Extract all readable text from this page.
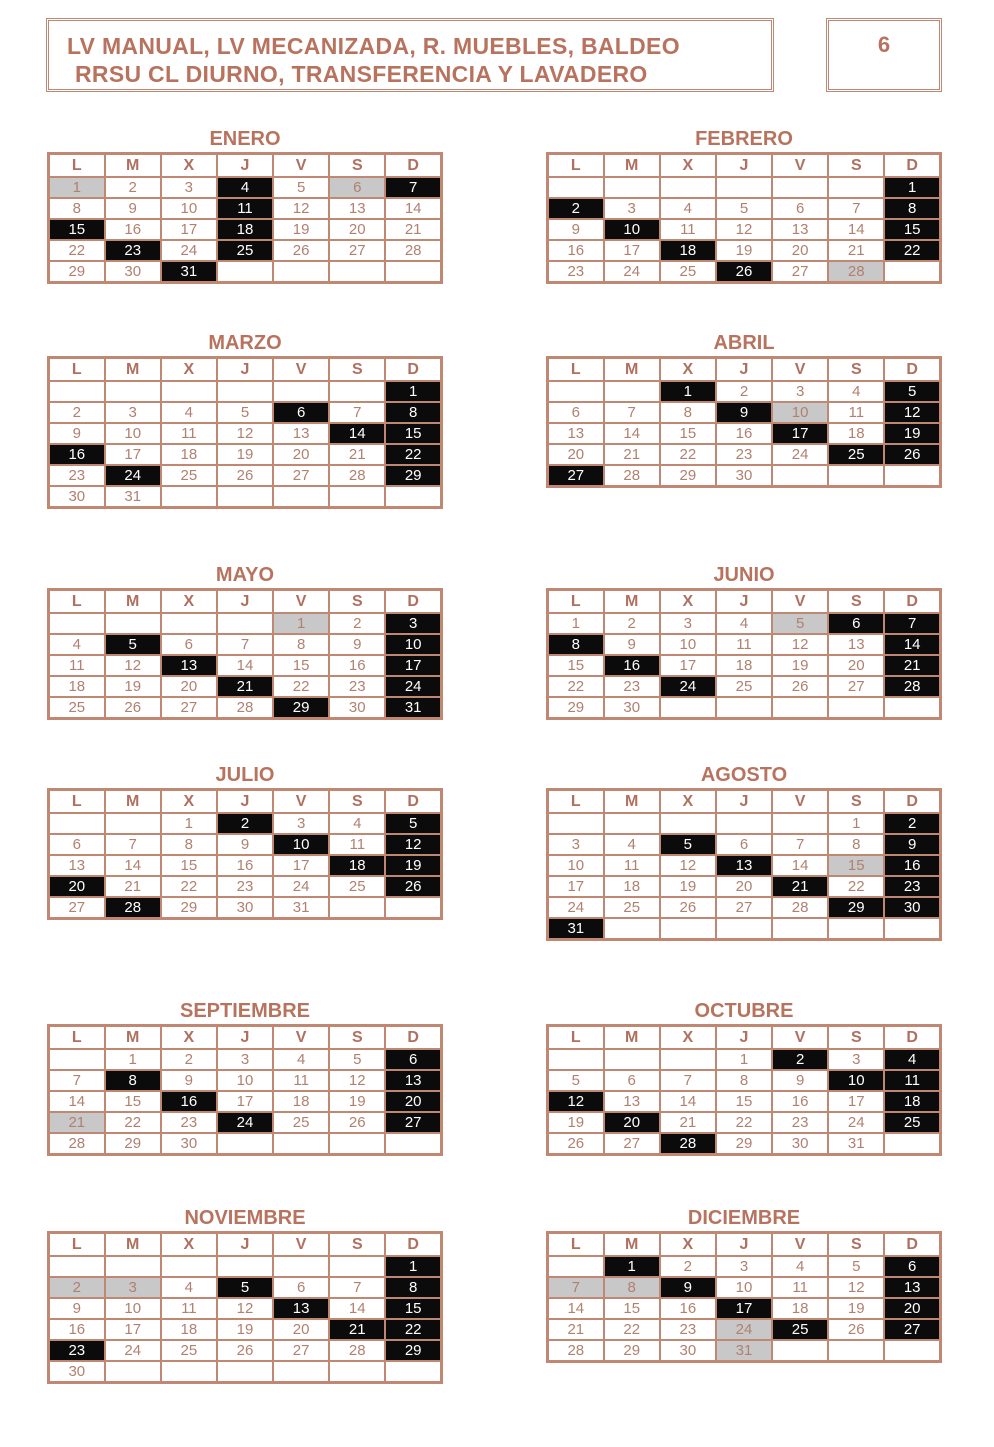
LV MANUAL, LV MECANIZADA, R. MUEBLES, BALDEO
RRSU CL DIURNO, TRANSFERENCIA Y LAVADERO
6
ENERO
L	M	X	J	V	S	D
1	2	3	4	5	6	7
8	9	10	11	12	13	14
15	16	17	18	19	20	21
22	23	24	25	26	27	28
29	30	31				
FEBRERO
L	M	X	J	V	S	D
						1
2	3	4	5	6	7	8
9	10	11	12	13	14	15
16	17	18	19	20	21	22
23	24	25	26	27	28	
MARZO
L	M	X	J	V	S	D
						1
2	3	4	5	6	7	8
9	10	11	12	13	14	15
16	17	18	19	20	21	22
23	24	25	26	27	28	29
30	31					
ABRIL
L	M	X	J	V	S	D
		1	2	3	4	5
6	7	8	9	10	11	12
13	14	15	16	17	18	19
20	21	22	23	24	25	26
27	28	29	30			
MAYO
L	M	X	J	V	S	D
				1	2	3
4	5	6	7	8	9	10
11	12	13	14	15	16	17
18	19	20	21	22	23	24
25	26	27	28	29	30	31
JUNIO
L	M	X	J	V	S	D
1	2	3	4	5	6	7
8	9	10	11	12	13	14
15	16	17	18	19	20	21
22	23	24	25	26	27	28
29	30					
JULIO
L	M	X	J	V	S	D
		1	2	3	4	5
6	7	8	9	10	11	12
13	14	15	16	17	18	19
20	21	22	23	24	25	26
27	28	29	30	31		
AGOSTO
L	M	X	J	V	S	D
					1	2
3	4	5	6	7	8	9
10	11	12	13	14	15	16
17	18	19	20	21	22	23
24	25	26	27	28	29	30
31						
SEPTIEMBRE
L	M	X	J	V	S	D
	1	2	3	4	5	6
7	8	9	10	11	12	13
14	15	16	17	18	19	20
21	22	23	24	25	26	27
28	29	30				
OCTUBRE
L	M	X	J	V	S	D
			1	2	3	4
5	6	7	8	9	10	11
12	13	14	15	16	17	18
19	20	21	22	23	24	25
26	27	28	29	30	31	
NOVIEMBRE
L	M	X	J	V	S	D
						1
2	3	4	5	6	7	8
9	10	11	12	13	14	15
16	17	18	19	20	21	22
23	24	25	26	27	28	29
30						
DICIEMBRE
L	M	X	J	V	S	D
	1	2	3	4	5	6
7	8	9	10	11	12	13
14	15	16	17	18	19	20
21	22	23	24	25	26	27
28	29	30	31			
